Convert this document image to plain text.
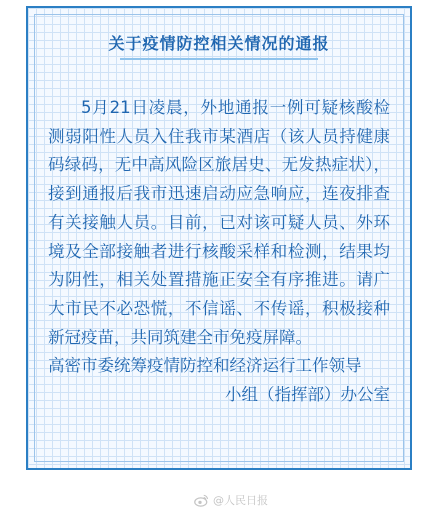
关于疫情防控相关情况的通报

5月21日凌晨，外地通报一例可疑核酸检测弱阳性人员入住我市某酒店（该人员持健康码绿码，无中高风险区旅居史、无发热症状），接到通报后我市迅速启动应急响应，连夜排查有关接触人员。目前，已对该可疑人员、外环境及全部接触者进行核酸采样和检测，结果均为阴性，相关处置措施正安全有序推进。请广大市民不必恐慌，不信谣、不传谣，积极接种新冠疫苗，共同筑建全市免疫屏障。

高密市委统筹疫情防控和经济运行工作领导

小组（指挥部）办公室

@人民日报
